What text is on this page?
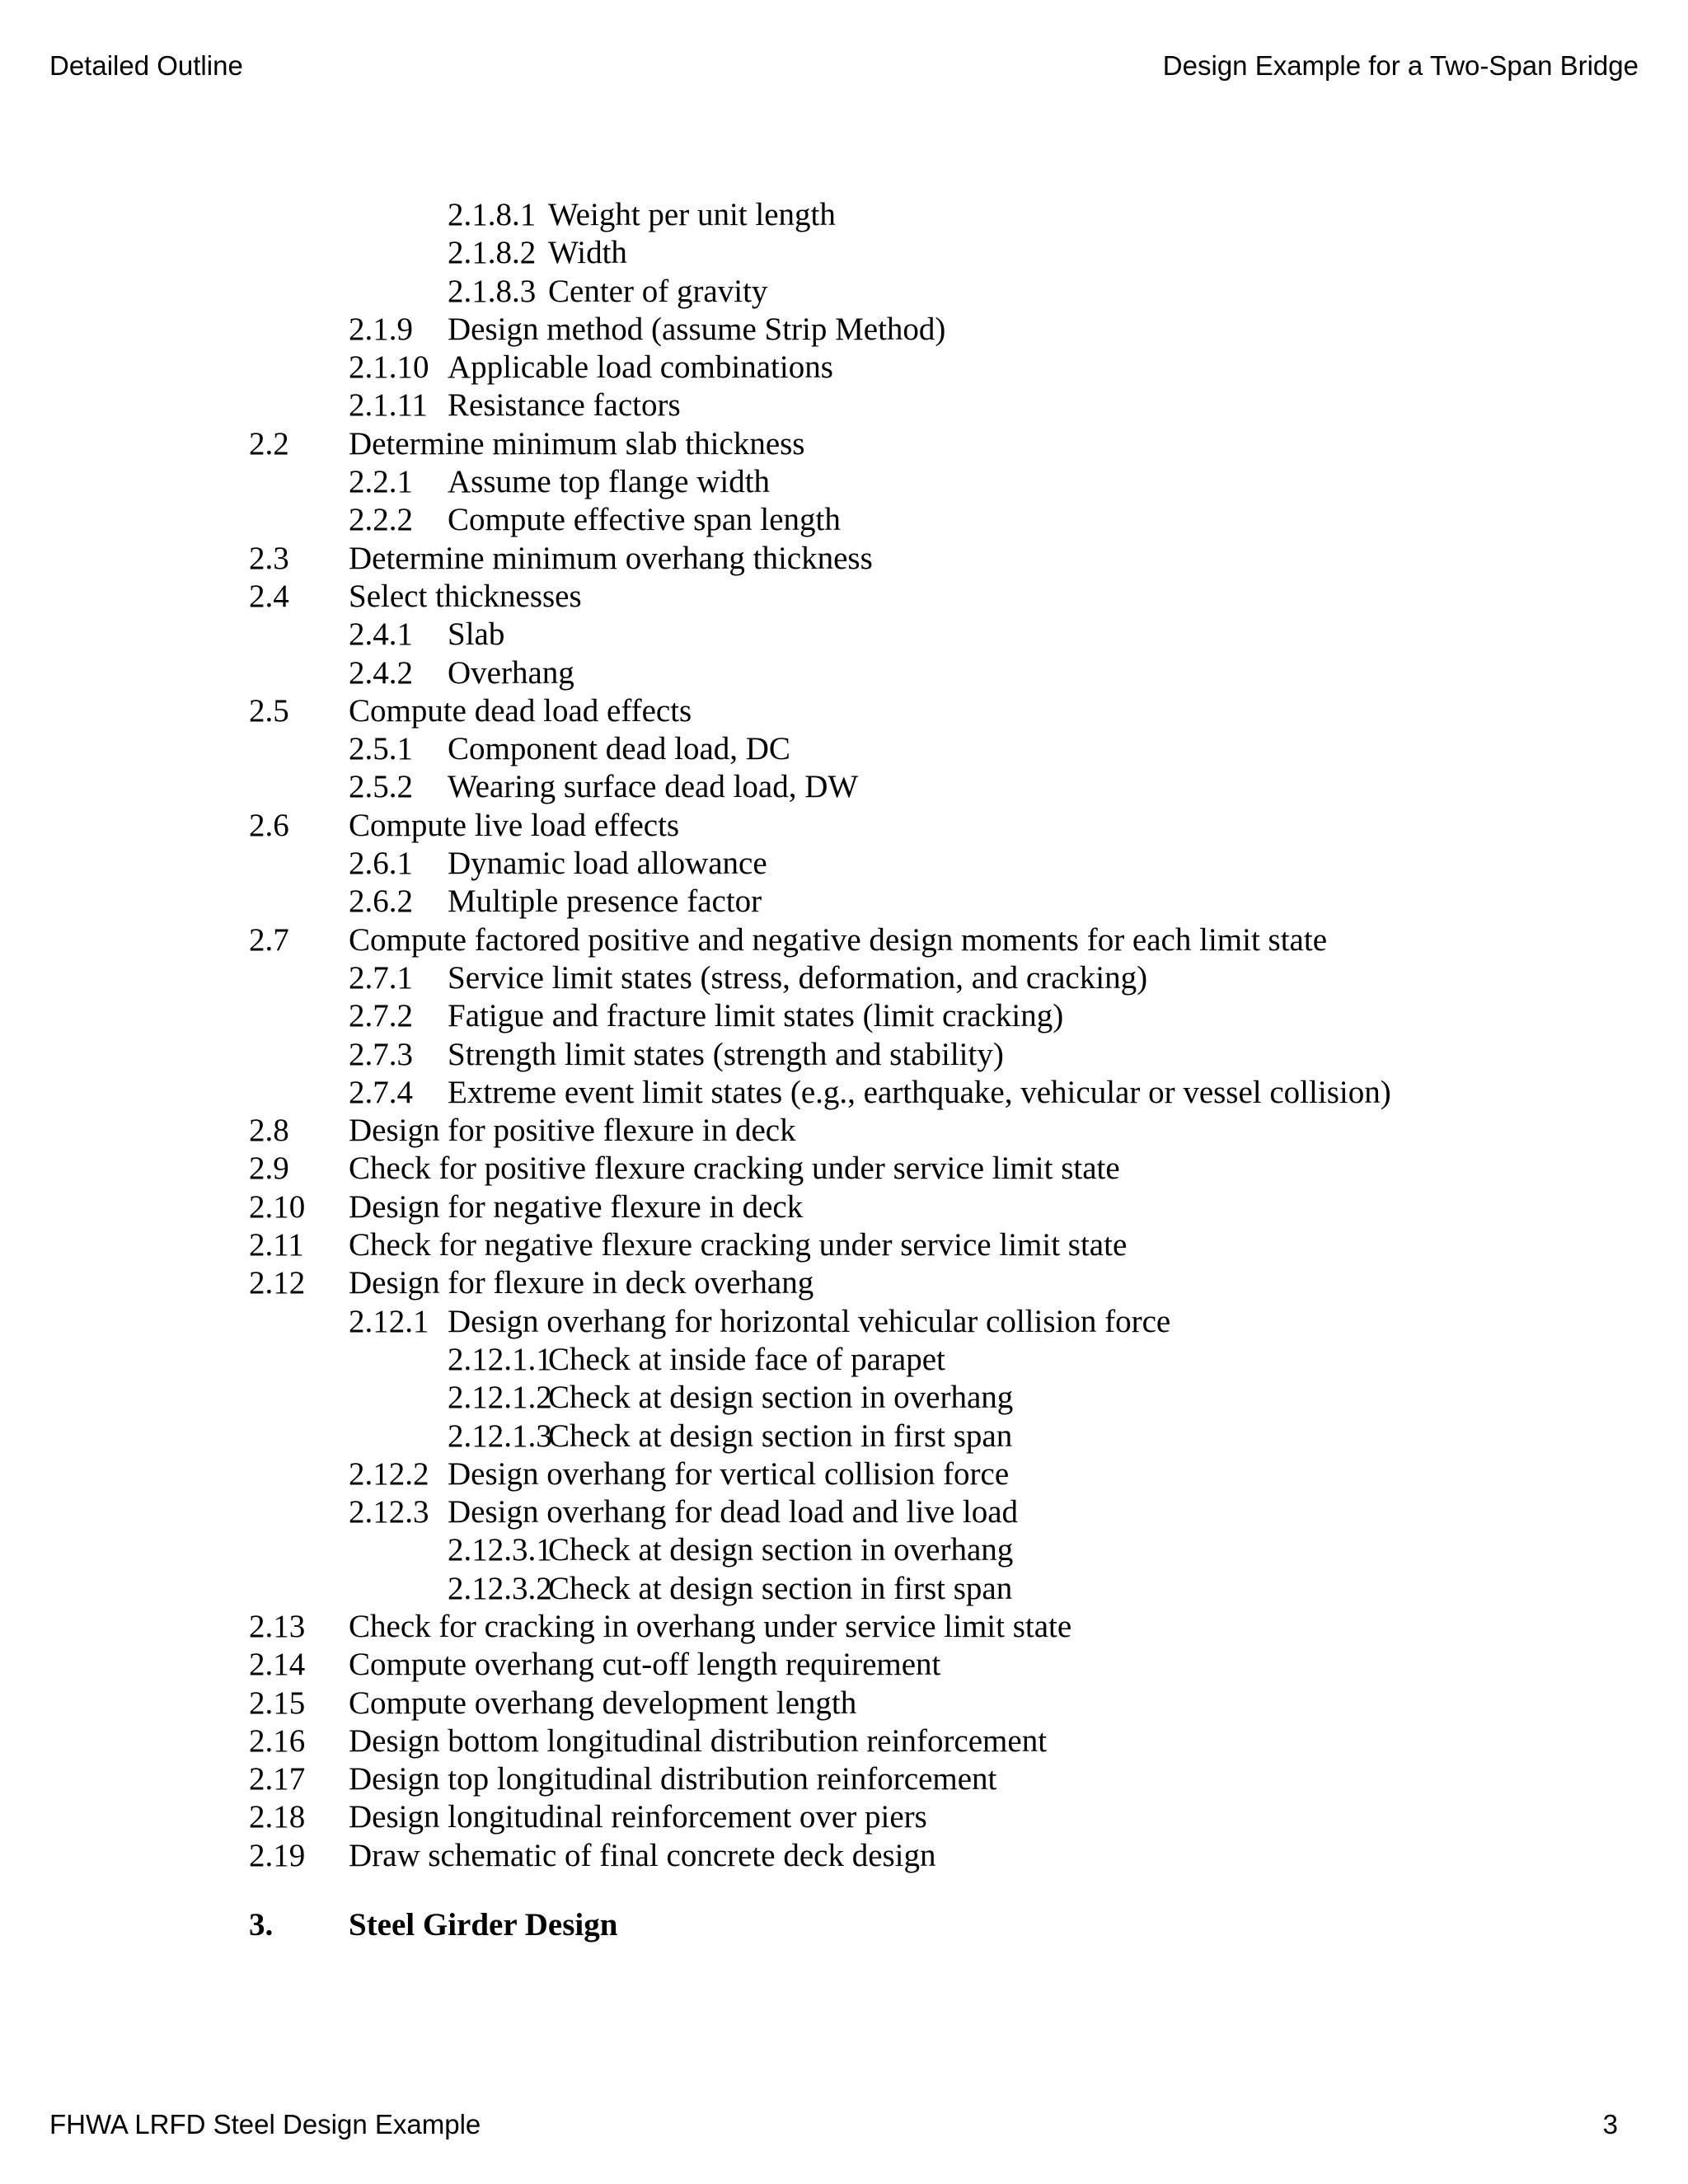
Detailed Outline	Design Example for a Two-Span Bridge
2.1.8.1 Weight per unit length
2.1.8.2 Width
2.1.8.3 Center of gravity
2.1.9 Design method (assume Strip Method)
2.1.10 Applicable load combinations
2.1.11 Resistance factors
2.2 Determine minimum slab thickness
2.2.1 Assume top flange width
2.2.2 Compute effective span length
2.3 Determine minimum overhang thickness
2.4 Select thicknesses
2.4.1 Slab
2.4.2 Overhang
2.5 Compute dead load effects
2.5.1 Component dead load, DC
2.5.2 Wearing surface dead load, DW
2.6 Compute live load effects
2.6.1 Dynamic load allowance
2.6.2 Multiple presence factor
2.7 Compute factored positive and negative design moments for each limit state
2.7.1 Service limit states (stress, deformation, and cracking)
2.7.2 Fatigue and fracture limit states (limit cracking)
2.7.3 Strength limit states (strength and stability)
2.7.4 Extreme event limit states (e.g., earthquake, vehicular or vessel collision)
2.8 Design for positive flexure in deck
2.9 Check for positive flexure cracking under service limit state
2.10 Design for negative flexure in deck
2.11 Check for negative flexure cracking under service limit state
2.12 Design for flexure in deck overhang
2.12.1 Design overhang for horizontal vehicular collision force
2.12.1.1
Check at inside face of parapet
2.12.1.2
Check at design section in overhang
2.12.1.3
Check at design section in first span
2.12.2 Design overhang for vertical collision force
2.12.3 Design overhang for dead load and live load
2.12.3.1
Check at design section in overhang
2.12.3.2
Check at design section in first span
2.13 Check for cracking in overhang under service limit state
2.14 Compute overhang cut-off length requirement
2.15 Compute overhang development length
2.16 Design bottom longitudinal distribution reinforcement
2.17 Design top longitudinal distribution reinforcement
2.18 Design longitudinal reinforcement over piers
2.19 Draw schematic of final concrete deck design
3. Steel Girder Design
FHWA LRFD Steel Design Example	3
